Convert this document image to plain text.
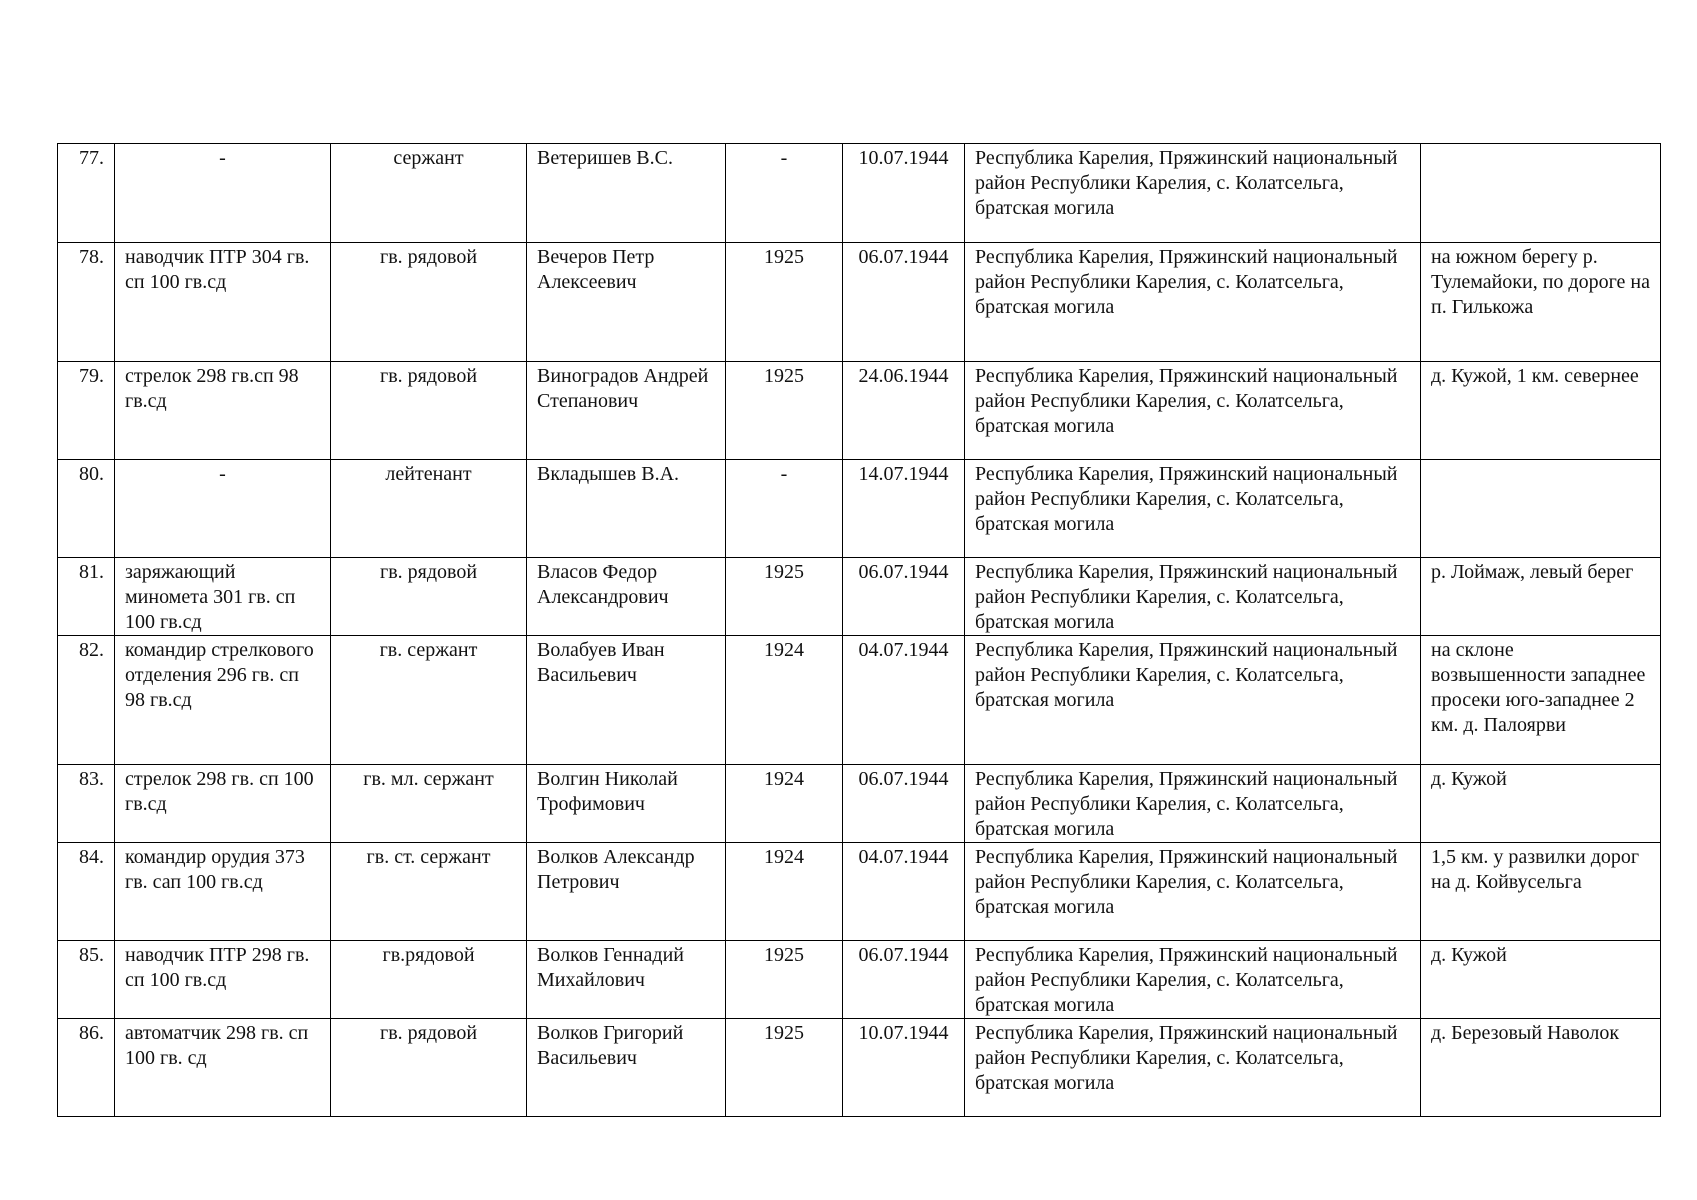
77.	-	сержант	Ветеришев В.С.	-	10.07.1944	Республика Карелия, Пряжинский национальный район Республики Карелия, с. Колатсельга, братская могила	
78.	наводчик ПТР 304 гв. сп 100 гв.сд	гв. рядовой	Вечеров Петр Алексеевич	1925	06.07.1944	Республика Карелия, Пряжинский национальный район Республики Карелия, с. Колатсельга, братская могила	на южном берегу р. Тулемайоки, по дороге на п. Гилькожа
79.	стрелок 298 гв.сп 98 гв.сд	гв. рядовой	Виноградов Андрей Степанович	1925	24.06.1944	Республика Карелия, Пряжинский национальный район Республики Карелия, с. Колатсельга, братская могила	д. Кужой, 1 км. севернее
80.	-	лейтенант	Вкладышев В.А.	-	14.07.1944	Республика Карелия, Пряжинский национальный район Республики Карелия, с. Колатсельга, братская могила	
81.	заряжающий миномета 301 гв. сп 100 гв.сд	гв. рядовой	Власов Федор Александрович	1925	06.07.1944	Республика Карелия, Пряжинский национальный район Республики Карелия, с. Колатсельга, братская могила	р. Лоймаж, левый берег
82.	командир стрелкового отделения 296 гв. сп 98 гв.сд	гв. сержант	Волабуев Иван Васильевич	1924	04.07.1944	Республика Карелия, Пряжинский национальный район Республики Карелия, с. Колатсельга, братская могила	на склоне возвышенности западнее просеки юго-западнее 2 км. д. Палоярви
83.	стрелок 298 гв. сп 100 гв.сд	гв. мл. сержант	Волгин Николай Трофимович	1924	06.07.1944	Республика Карелия, Пряжинский национальный район Республики Карелия, с. Колатсельга, братская могила	д. Кужой
84.	командир орудия 373 гв. сап 100 гв.сд	гв. ст. сержант	Волков Александр Петрович	1924	04.07.1944	Республика Карелия, Пряжинский национальный район Республики Карелия, с. Колатсельга, братская могила	1,5 км. у развилки дорог на д. Койвусельга
85.	наводчик ПТР 298 гв. сп 100 гв.сд	гв.рядовой	Волков Геннадий Михайлович	1925	06.07.1944	Республика Карелия, Пряжинский национальный район Республики Карелия, с. Колатсельга, братская могила	д. Кужой
86.	автоматчик 298 гв. сп 100 гв. сд	гв. рядовой	Волков Григорий Васильевич	1925	10.07.1944	Республика Карелия, Пряжинский национальный район Республики Карелия, с. Колатсельга, братская могила	д. Березовый Наволок
